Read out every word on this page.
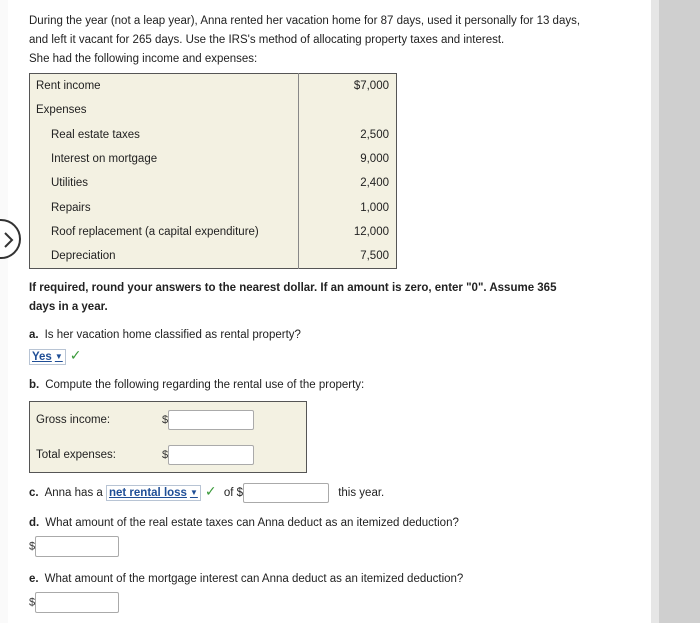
During the year (not a leap year), Anna rented her vacation home for 87 days, used it personally for 13 days,

and left it vacant for 265 days. Use the IRS's method of allocating property taxes and interest.

She had the following income and expenses:

Rent income	$7,000
Expenses	
Real estate taxes	2,500
Interest on mortgage	9,000
Utilities	2,400
Repairs	1,000
Roof replacement (a capital expenditure)	12,000
Depreciation	7,500
If required, round your answers to the nearest dollar. If an amount is zero, enter "0". Assume 365
days in a year.
a. Is her vacation home classified as rental property?
Yes ▼ ✓
b. Compute the following regarding the rental use of the property:
Gross income:	$
Total expenses:	$
c. Anna has a net rental loss ▼ ✓ of $	this year.
d. What amount of the real estate taxes can Anna deduct as an itemized deduction?
$
e. What amount of the mortgage interest can Anna deduct as an itemized deduction?
$
